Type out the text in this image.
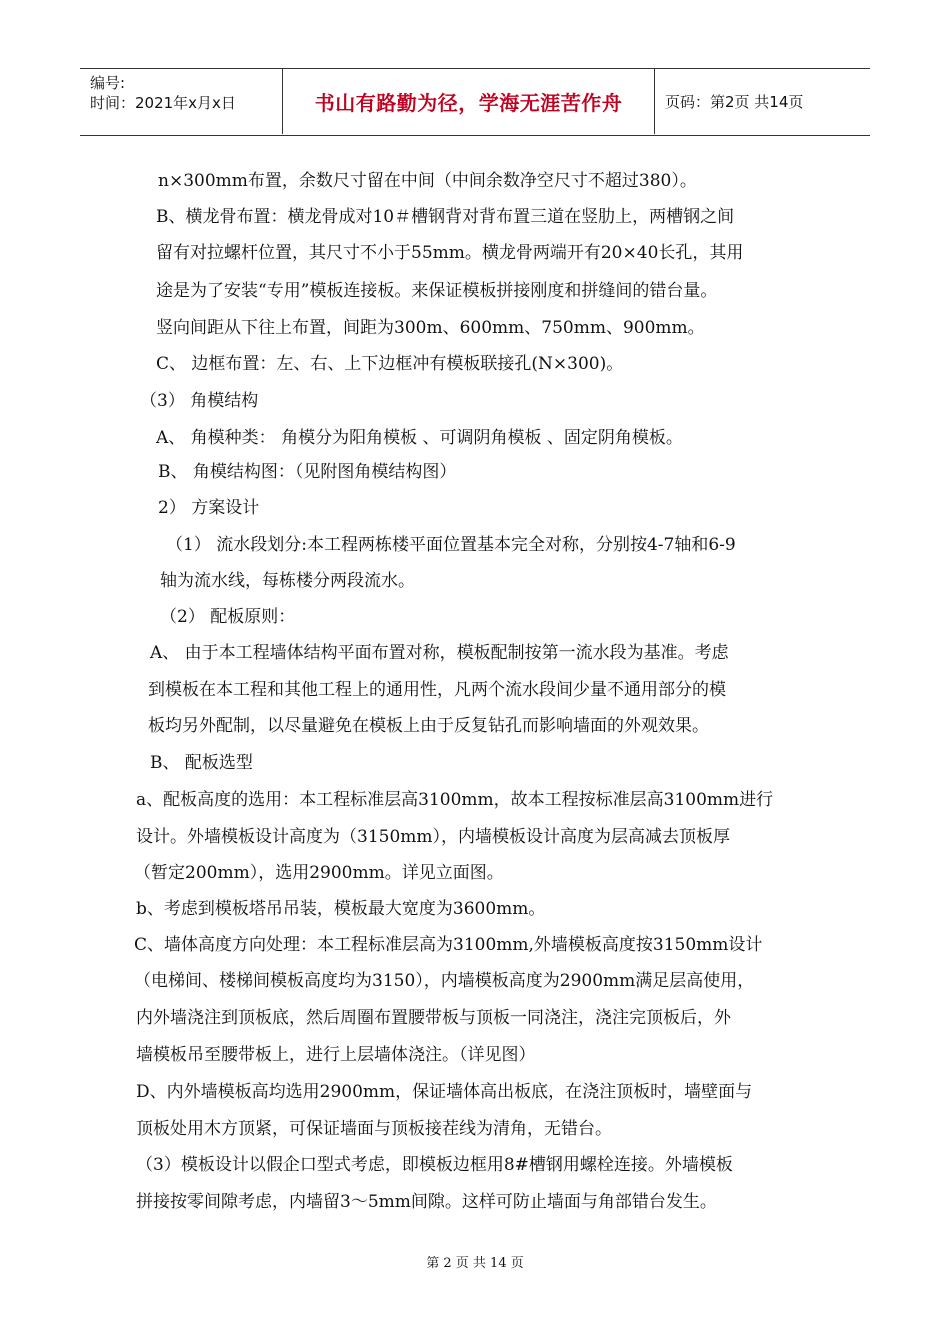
编号:
时间：2021年x月x日	书山有路勤为径，学海无涯苦作舟	页码：第2页 共14页
n×300mm布置，余数尺寸留在中间（中间余数净空尺寸不超过380）。
B、横龙骨布置：横龙骨成对10＃槽钢背对背布置三道在竖肋上，两槽钢之间
留有对拉螺杆位置，其尺寸不小于55mm。横龙骨两端开有20×40长孔，其用
途是为了安装“专用”模板连接板。来保证模板拼接刚度和拼缝间的错台量。
竖向间距从下往上布置，间距为300m、600mm、750mm、900mm。
C、 边框布置：左、右、上下边框冲有模板联接孔(N×300)。
（3） 角模结构
A、 角模种类： 角模分为阳角模板 、可调阴角模板 、固定阴角模板。
B、 角模结构图：（见附图角模结构图）
2） 方案设计
（1） 流水段划分:本工程两栋楼平面位置基本完全对称，分别按4-7轴和6-9
轴为流水线，每栋楼分两段流水。
（2） 配板原则：
A、 由于本工程墙体结构平面布置对称，模板配制按第一流水段为基准。考虑
到模板在本工程和其他工程上的通用性，凡两个流水段间少量不通用部分的模
板均另外配制，以尽量避免在模板上由于反复钻孔而影响墙面的外观效果。
B、 配板选型
a、配板高度的选用：本工程标准层高3100mm，故本工程按标准层高3100mm进行
设计。外墙模板设计高度为（3150mm），内墙模板设计高度为层高减去顶板厚
（暂定200mm），选用2900mm。详见立面图。
b、考虑到模板塔吊吊装，模板最大宽度为3600mm。
C、墙体高度方向处理：本工程标准层高为3100mm,外墙模板高度按3150mm设计
（电梯间、楼梯间模板高度均为3150），内墙模板高度为2900mm满足层高使用，
内外墙浇注到顶板底，然后周圈布置腰带板与顶板一同浇注，浇注完顶板后，外
墙模板吊至腰带板上，进行上层墙体浇注。（详见图）
D、内外墙模板高均选用2900mm，保证墙体高出板底，在浇注顶板时，墙壁面与
顶板处用木方顶紧，可保证墙面与顶板接茬线为清角，无错台。
（3）模板设计以假企口型式考虑，即模板边框用8#槽钢用螺栓连接。外墙模板
拼接按零间隙考虑，内墙留3～5mm间隙。这样可防止墙面与角部错台发生。
第 2 页 共 14 页
